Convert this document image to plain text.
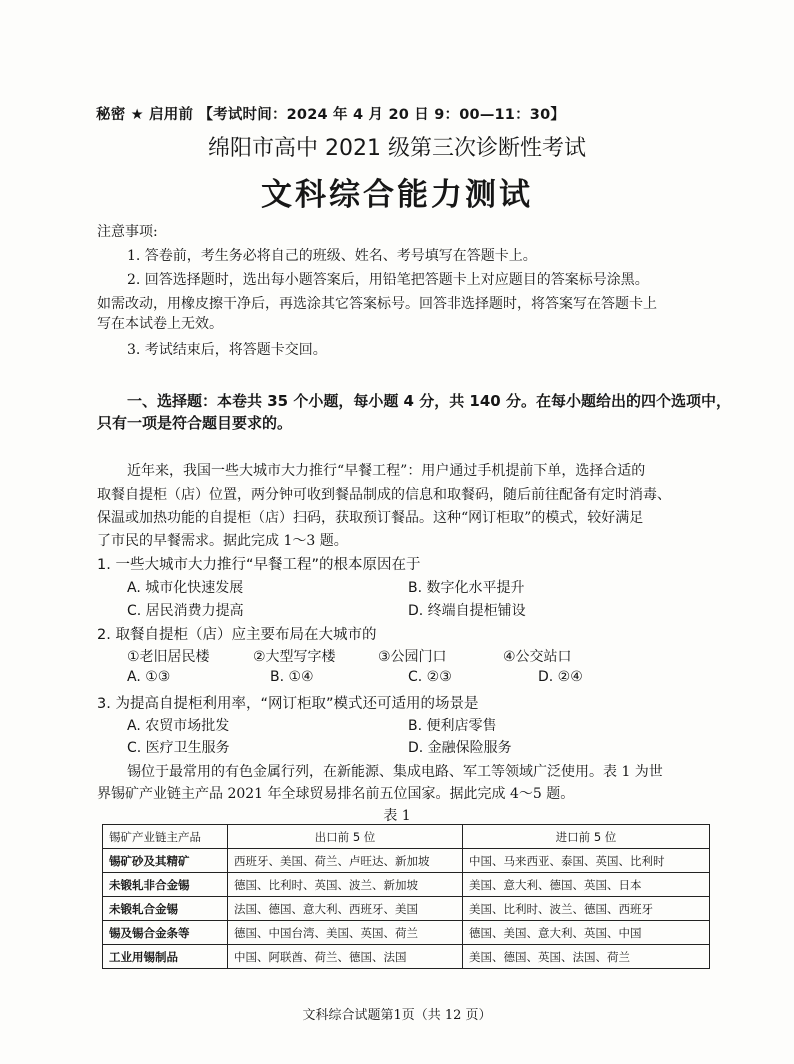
秘密 ★ 启用前 【考试时间：2024 年 4 月 20 日 9：00—11：30】
绵阳市高中 2021 级第三次诊断性考试
文科综合能力测试
注意事项:
1. 答卷前，考生务必将自己的班级、姓名、考号填写在答题卡上。
2. 回答选择题时，选出每小题答案后，用铅笔把答题卡上对应题目的答案标号涂黑。
如需改动，用橡皮擦干净后，再选涂其它答案标号。回答非选择题时，将答案写在答题卡上
写在本试卷上无效。
3. 考试结束后，将答题卡交回。
一、选择题：本卷共 35 个小题，每小题 4 分，共 140 分。在每小题给出的四个选项中，
只有一项是符合题目要求的。
近年来，我国一些大城市大力推行“早餐工程”：用户通过手机提前下单，选择合适的
取餐自提柜（店）位置，两分钟可收到餐品制成的信息和取餐码，随后前往配备有定时消毒、
保温或加热功能的自提柜（店）扫码，获取预订餐品。这种“网订柜取”的模式，较好满足
了市民的早餐需求。据此完成 1～3 题。
1. 一些大城市大力推行“早餐工程”的根本原因在于
A. 城市化快速发展	B. 数字化水平提升
C. 居民消费力提高	D. 终端自提柜铺设
2. 取餐自提柜（店）应主要布局在大城市的
①老旧居民楼	②大型写字楼	③公园门口	④公交站口
A. ①③	B. ①④	C. ②③	D. ②④
3. 为提高自提柜利用率，“网订柜取”模式还可适用的场景是
A. 农贸市场批发	B. 便利店零售
C. 医疗卫生服务	D. 金融保险服务
锡位于最常用的有色金属行列，在新能源、集成电路、军工等领域广泛使用。表 1 为世
界锡矿产业链主产品 2021 年全球贸易排名前五位国家。据此完成 4～5 题。
表 1
锡矿产业链主产品	出口前 5 位	进口前 5 位
锡矿砂及其精矿	西班牙、美国、荷兰、卢旺达、新加坡	中国、马来西亚、泰国、英国、比利时
未锻轧非合金锡	德国、比利时、英国、波兰、新加坡	美国、意大利、德国、英国、日本
未锻轧合金锡	法国、德国、意大利、西班牙、美国	美国、比利时、波兰、德国、西班牙
锡及锡合金条等	德国、中国台湾、美国、英国、荷兰	德国、美国、意大利、英国、中国
工业用锡制品	中国、阿联酋、荷兰、德国、法国	美国、德国、英国、法国、荷兰
文科综合试题第1页（共 12 页）
